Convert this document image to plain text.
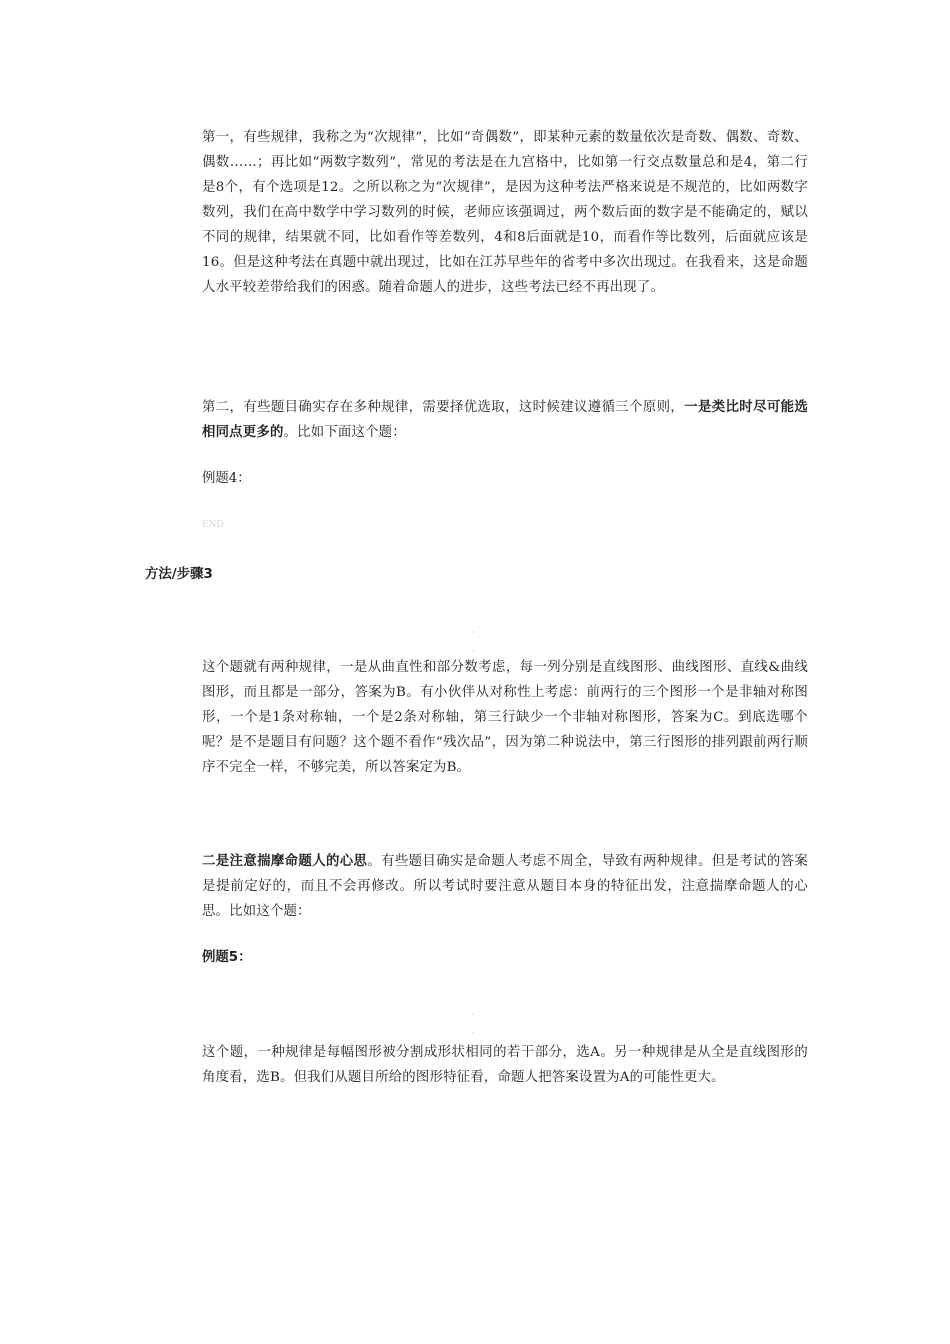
第一，有些规律，我称之为“次规律”，比如“奇偶数”，即某种元素的数量依次是奇数、偶数、奇数、偶数……；再比如“两数字数列”，常见的考法是在九宫格中，比如第一行交点数量总和是4，第二行是8个，有个选项是12。之所以称之为“次规律”，是因为这种考法严格来说是不规范的，比如两数字数列，我们在高中数学中学习数列的时候，老师应该强调过，两个数后面的数字是不能确定的，赋以不同的规律，结果就不同，比如看作等差数列，4和8后面就是10，而看作等比数列，后面就应该是16。但是这种考法在真题中就出现过，比如在江苏早些年的省考中多次出现过。在我看来，这是命题人水平较差带给我们的困惑。随着命题人的进步，这些考法已经不再出现了。

第二，有些题目确实存在多种规律，需要择优选取，这时候建议遵循三个原则，一是类比时尽可能选相同点更多的。比如下面这个题：

例题4：

END

方法/步骤3

这个题就有两种规律，一是从曲直性和部分数考虑，每一列分别是直线图形、曲线图形、直线&曲线图形，而且都是一部分，答案为B。有小伙伴从对称性上考虑：前两行的三个图形一个是非轴对称图形，一个是1条对称轴，一个是2条对称轴，第三行缺少一个非轴对称图形，答案为C。到底选哪个呢？是不是题目有问题？这个题不看作“残次品”，因为第二种说法中，第三行图形的排列跟前两行顺序不完全一样，不够完美，所以答案定为B。

二是注意揣摩命题人的心思。有些题目确实是命题人考虑不周全，导致有两种规律。但是考试的答案是提前定好的，而且不会再修改。所以考试时要注意从题目本身的特征出发，注意揣摩命题人的心思。比如这个题：

例题5：

这个题，一种规律是每幅图形被分割成形状相同的若干部分，选A。另一种规律是从全是直线图形的角度看，选B。但我们从题目所给的图形特征看，命题人把答案设置为A的可能性更大。
